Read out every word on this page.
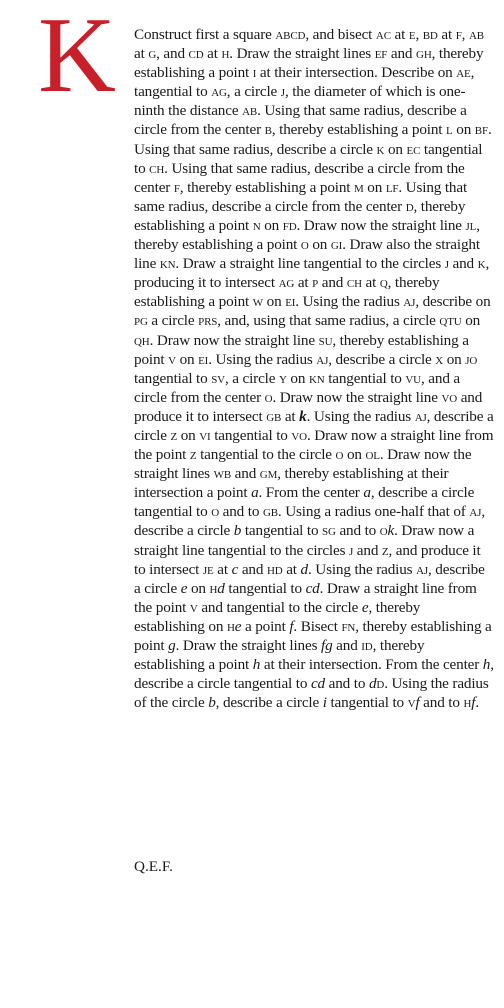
K Construct first a square abcd, and bisect ac at e, bd at f, ab at g, and cd at h. Draw the straight lines ef and gh, thereby establishing a point i at their intersection. Describe on ae, tangential to ag, a circle j, the diameter of which is one-ninth the distance ab. Using that same radius, describe a circle from the center b, thereby establishing a point l on bf. Using that same radius, describe a circle k on ec tangential to ch. Using that same radius, describe a circle from the center f, thereby establishing a point m on lf. Using that same radius, describe a circle from the center d, thereby establishing a point n on fd. Draw now the straight line jl, thereby establishing a point o on gi. Draw also the straight line kn. Draw a straight line tangential to the circles j and k, producing it to intersect ag at p and ch at q, thereby establishing a point w on ei. Using the radius aj, describe on pg a circle prs, and, using that same radius, a circle qtu on qh. Draw now the straight line su, thereby establishing a point v on ei. Using the radius aj, describe a circle x on jo tangential to sv, a circle y on kn tangential to vu, and a circle from the center o. Draw now the straight line vo and produce it to intersect gb at k. Using the radius aj, describe a circle z on vi tangential to vo. Draw now a straight line from the point z tangential to the circle o on ol. Draw now the straight lines wb and gm, thereby establishing at their intersection a point a. From the center a, describe a circle tangential to o and to gb. Using a radius one-half that of aj, describe a circle b tangential to sg and to ok. Draw now a straight line tangential to the circles j and z, and produce it to intersect je at c and hd at d. Using the radius aj, describe a circle e on hd tangential to cd. Draw a straight line from the point v and tangential to the circle e, thereby establishing on he a point f. Bisect fn, thereby establishing a point g. Draw the straight lines fg and id, thereby establishing a point h at their intersection. From the center h, describe a circle tangential to cd and to dd. Using the radius of the circle b, describe a circle i tangential to vf and to hf.

Q.E.F.
